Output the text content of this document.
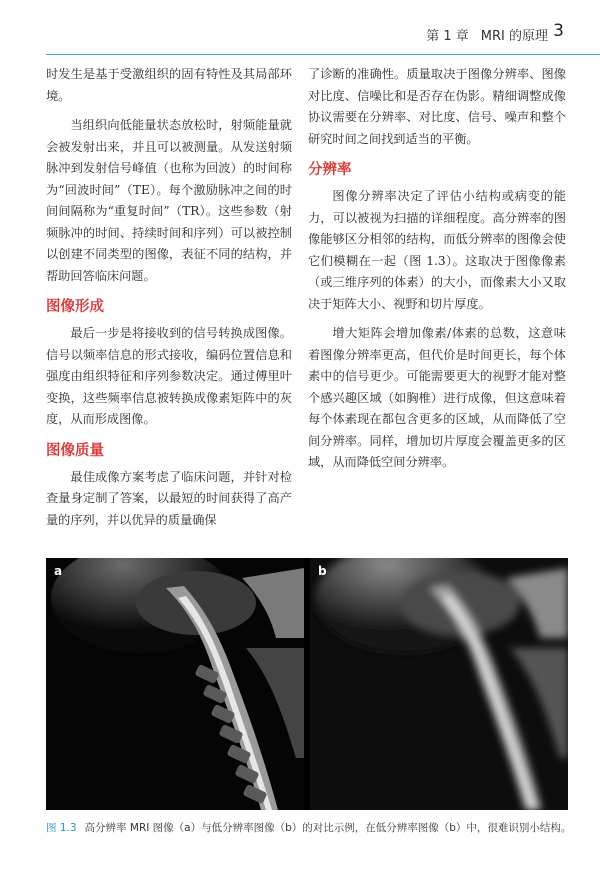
第 1 章 MRI 的原理 3

时发生是基于受激组织的固有特性及其局部环境。

当组织向低能量状态放松时，射频能量就会被发射出来，并且可以被测量。从发送射频脉冲到发射信号峰值（也称为回波）的时间称为“回波时间”（TE）。每个激励脉冲之间的时间间隔称为“重复时间”（TR）。这些参数（射频脉冲的时间、持续时间和序列）可以被控制以创建不同类型的图像，表征不同的结构，并帮助回答临床问题。

图像形成

最后一步是将接收到的信号转换成图像。信号以频率信息的形式接收，编码位置信息和强度由组织特征和序列参数决定。通过傅里叶变换，这些频率信息被转换成像素矩阵中的灰度，从而形成图像。

图像质量

最佳成像方案考虑了临床问题，并针对检查量身定制了答案，以最短的时间获得了高产量的序列，并以优异的质量确保

了诊断的准确性。质量取决于图像分辨率、图像对比度、信噪比和是否存在伪影。精细调整成像协议需要在分辨率、对比度、信号、噪声和整个研究时间之间找到适当的平衡。

分辨率

图像分辨率决定了评估小结构或病变的能力，可以被视为扫描的详细程度。高分辨率的图像能够区分相邻的结构，而低分辨率的图像会使它们模糊在一起（图 1.3）。这取决于图像像素（或三维序列的体素）的大小，而像素大小又取决于矩阵大小、视野和切片厚度。

增大矩阵会增加像素/体素的总数，这意味着图像分辨率更高，但代价是时间更长，每个体素中的信号更少。可能需要更大的视野才能对整个感兴趣区域（如胸椎）进行成像，但这意味着每个体素现在都包含更多的区域，从而降低了空间分辨率。同样，增加切片厚度会覆盖更多的区域，从而降低空间分辨率。

a	b
图 1.3 高分辨率 MRI 图像（a）与低分辨率图像（b）的对比示例，在低分辨率图像（b）中，很难识别小结构。
